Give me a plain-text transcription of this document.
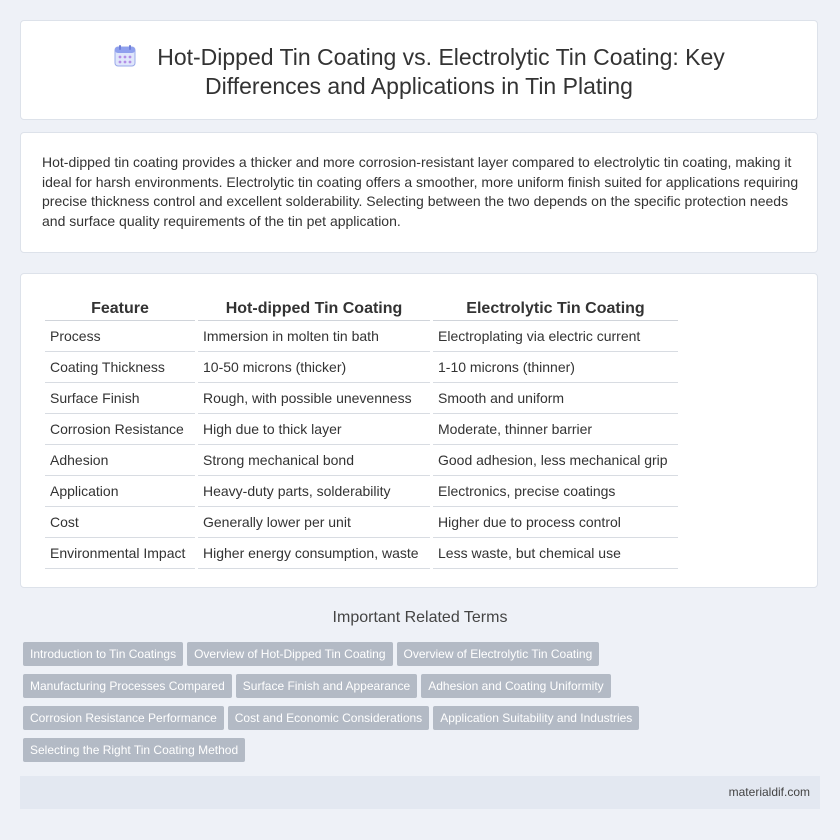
Hot-Dipped Tin Coating vs. Electrolytic Tin Coating: Key Differences and Applications in Tin Plating
Hot-dipped tin coating provides a thicker and more corrosion-resistant layer compared to electrolytic tin coating, making it ideal for harsh environments. Electrolytic tin coating offers a smoother, more uniform finish suited for applications requiring precise thickness control and excellent solderability. Selecting between the two depends on the specific protection needs and surface quality requirements of the tin pet application.
Feature	Hot-dipped Tin Coating	Electrolytic Tin Coating
Process	Immersion in molten tin bath	Electroplating via electric current
Coating Thickness	10-50 microns (thicker)	1-10 microns (thinner)
Surface Finish	Rough, with possible unevenness	Smooth and uniform
Corrosion Resistance	High due to thick layer	Moderate, thinner barrier
Adhesion	Strong mechanical bond	Good adhesion, less mechanical grip
Application	Heavy-duty parts, solderability	Electronics, precise coatings
Cost	Generally lower per unit	Higher due to process control
Environmental Impact	Higher energy consumption, waste	Less waste, but chemical use
Important Related Terms
Introduction to Tin Coatings Overview of Hot-Dipped Tin Coating Overview of Electrolytic Tin Coating
Manufacturing Processes Compared Surface Finish and Appearance Adhesion and Coating Uniformity
Corrosion Resistance Performance Cost and Economic Considerations Application Suitability and Industries
Selecting the Right Tin Coating Method
materialdif.com
